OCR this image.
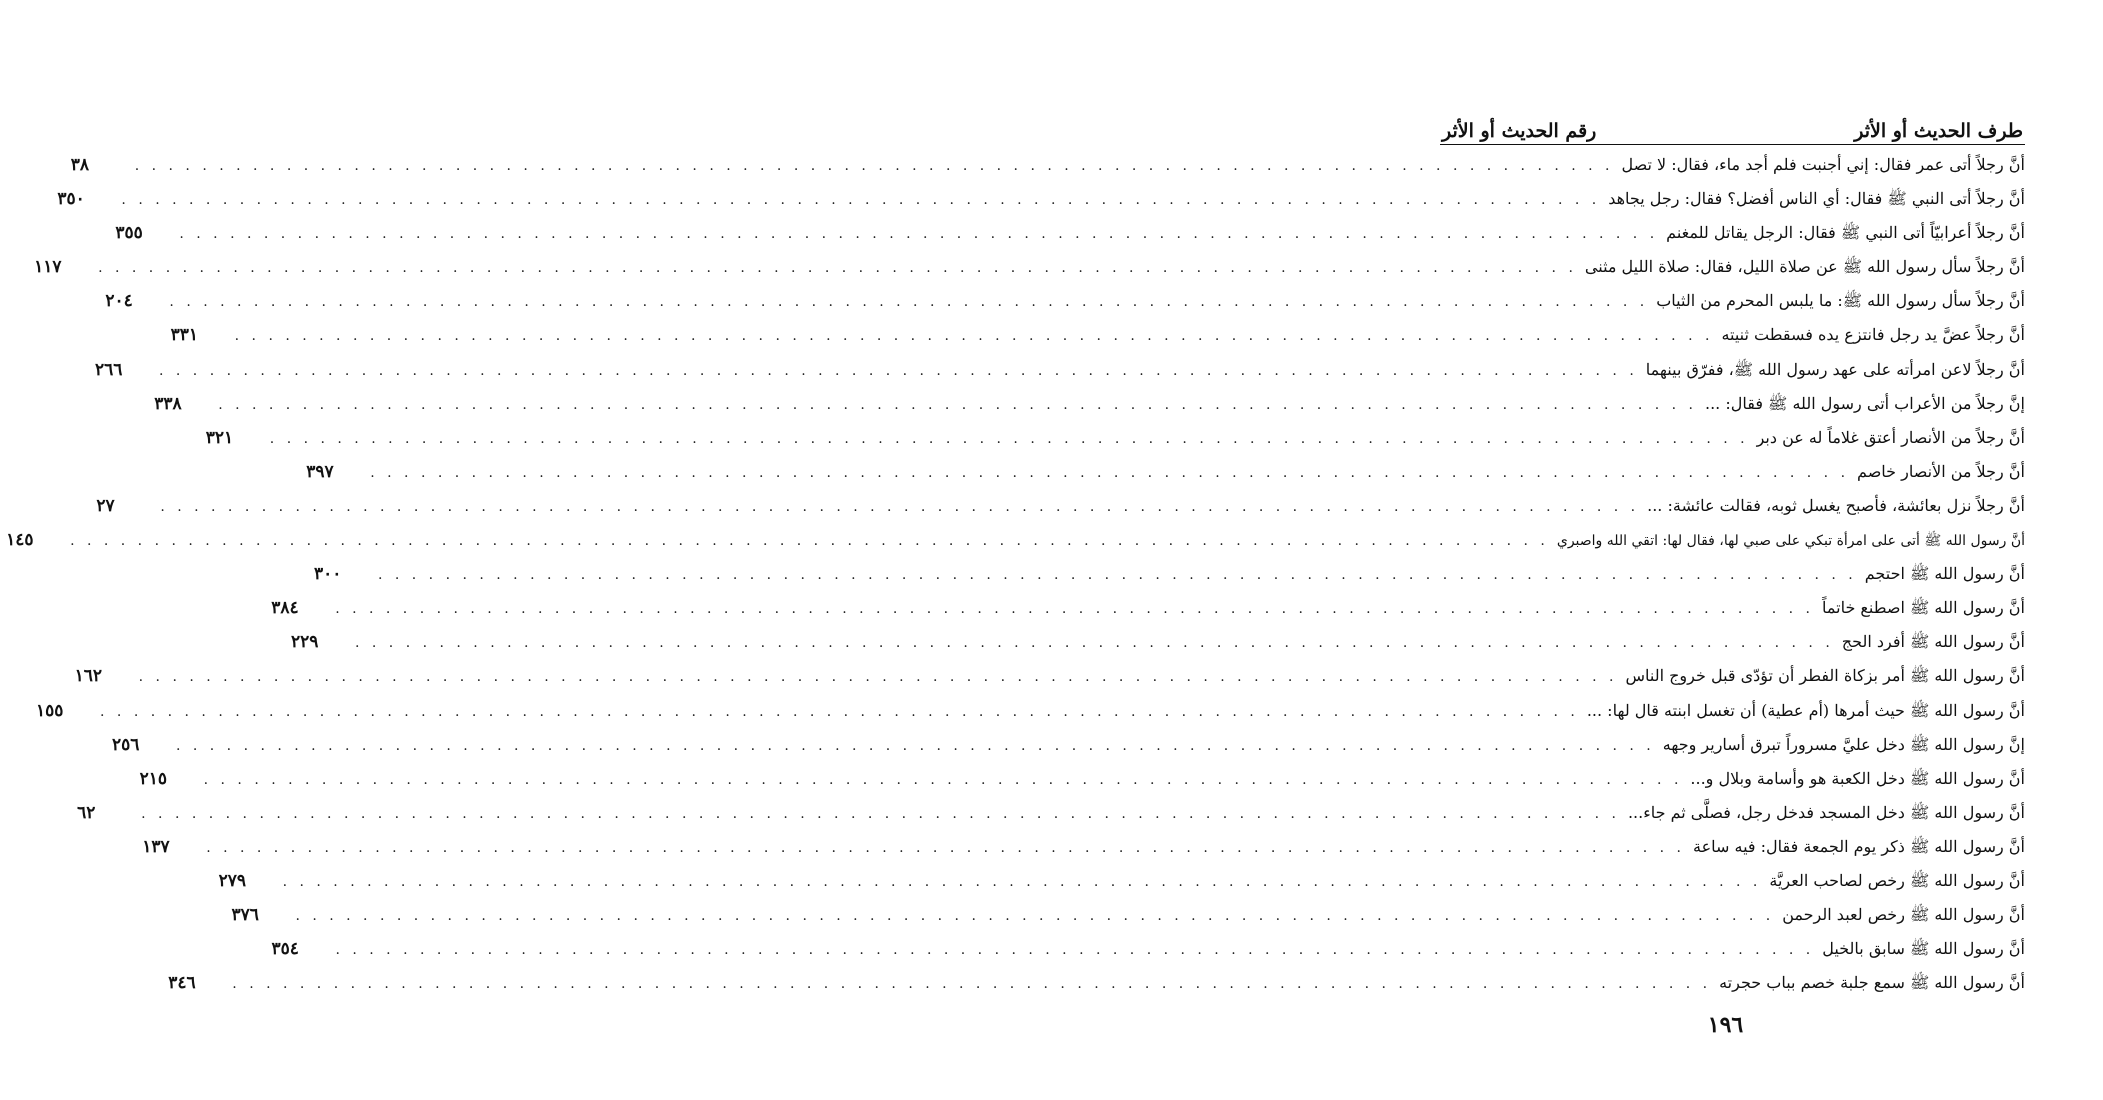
طرف الحديث أو الأثر
رقم الحديث أو الأثر
أنَّ رجلاً أتى عمر فقال: إني أجنبت فلم أجد ماء، فقال: لا تصل
. . . . . . . . . . . . . . . . . . . . . . . . . . . . . . . . . . . . . . . . . . . . . . . . . . . . . . . . . . . . . . . . . . . . . . . . . . . . . . . . . . . . . . . .
٣٨
أنَّ رجلاً أتى النبي ﷺ فقال: أي الناس أفضل؟ فقال: رجل يجاهد
. . . . . . . . . . . . . . . . . . . . . . . . . . . . . . . . . . . . . . . . . . . . . . . . . . . . . . . . . . . . . . . . . . . . . . . . . . . . . . . . . . . . . . . .
٣٥٠
أنَّ رجلاً أعرابيّاً أتى النبي ﷺ فقال: الرجل يقاتل للمغنم
. . . . . . . . . . . . . . . . . . . . . . . . . . . . . . . . . . . . . . . . . . . . . . . . . . . . . . . . . . . . . . . . . . . . . . . . . . . . . . . . . . . . . . . .
٣٥٥
أنَّ رجلاً سأل رسول الله ﷺ عن صلاة الليل، فقال: صلاة الليل مثنى
. . . . . . . . . . . . . . . . . . . . . . . . . . . . . . . . . . . . . . . . . . . . . . . . . . . . . . . . . . . . . . . . . . . . . . . . . . . . . . . . . . . . . . . .
١١٧
أنَّ رجلاً سأل رسول الله ﷺ: ما يلبس المحرم من الثياب
. . . . . . . . . . . . . . . . . . . . . . . . . . . . . . . . . . . . . . . . . . . . . . . . . . . . . . . . . . . . . . . . . . . . . . . . . . . . . . . . . . . . . . . .
٢٠٤
أنَّ رجلاً عضَّ يد رجل فانتزع يده فسقطت ثنيته
. . . . . . . . . . . . . . . . . . . . . . . . . . . . . . . . . . . . . . . . . . . . . . . . . . . . . . . . . . . . . . . . . . . . . . . . . . . . . . . . . . . . . . . .
٣٣١
أنَّ رجلاً لاعن امرأته على عهد رسول الله ﷺ، ففرّق بينهما
. . . . . . . . . . . . . . . . . . . . . . . . . . . . . . . . . . . . . . . . . . . . . . . . . . . . . . . . . . . . . . . . . . . . . . . . . . . . . . . . . . . . . . . .
٢٦٦
إنَّ رجلاً من الأعراب أتى رسول الله ﷺ فقال: ...
. . . . . . . . . . . . . . . . . . . . . . . . . . . . . . . . . . . . . . . . . . . . . . . . . . . . . . . . . . . . . . . . . . . . . . . . . . . . . . . . . . . . . . . .
٣٣٨
أنَّ رجلاً من الأنصار أعتق غلاماً له عن دبر
. . . . . . . . . . . . . . . . . . . . . . . . . . . . . . . . . . . . . . . . . . . . . . . . . . . . . . . . . . . . . . . . . . . . . . . . . . . . . . . . . . . . . . . .
٣٢١
أنَّ رجلاً من الأنصار خاصم
. . . . . . . . . . . . . . . . . . . . . . . . . . . . . . . . . . . . . . . . . . . . . . . . . . . . . . . . . . . . . . . . . . . . . . . . . . . . . . . . . . . . . . . .
٣٩٧
أنَّ رجلاً نزل بعائشة، فأصبح يغسل ثوبه، فقالت عائشة: ...
. . . . . . . . . . . . . . . . . . . . . . . . . . . . . . . . . . . . . . . . . . . . . . . . . . . . . . . . . . . . . . . . . . . . . . . . . . . . . . . . . . . . . . . .
٢٧
أنَّ رسول الله ﷺ أتى على امرأة تبكي على صبي لها، فقال لها: اتقي الله واصبري
. . . . . . . . . . . . . . . . . . . . . . . . . . . . . . . . . . . . . . . . . . . . . . . . . . . . . . . . . . . . . . . . . . . . . . . . . . . . . . . . . . . . . . . .
١٤٥
أنَّ رسول الله ﷺ احتجم
. . . . . . . . . . . . . . . . . . . . . . . . . . . . . . . . . . . . . . . . . . . . . . . . . . . . . . . . . . . . . . . . . . . . . . . . . . . . . . . . . . . . . . . .
٣٠٠
أنَّ رسول الله ﷺ اصطنع خاتماً
. . . . . . . . . . . . . . . . . . . . . . . . . . . . . . . . . . . . . . . . . . . . . . . . . . . . . . . . . . . . . . . . . . . . . . . . . . . . . . . . . . . . . . . .
٣٨٤
أنَّ رسول الله ﷺ أفرد الحج
. . . . . . . . . . . . . . . . . . . . . . . . . . . . . . . . . . . . . . . . . . . . . . . . . . . . . . . . . . . . . . . . . . . . . . . . . . . . . . . . . . . . . . . .
٢٢٩
أنَّ رسول الله ﷺ أمر بزكاة الفطر أن تؤدّى قبل خروج الناس
. . . . . . . . . . . . . . . . . . . . . . . . . . . . . . . . . . . . . . . . . . . . . . . . . . . . . . . . . . . . . . . . . . . . . . . . . . . . . . . . . . . . . . . .
١٦٢
أنَّ رسول الله ﷺ حيث أمرها (أم عطية) أن تغسل ابنته قال لها: ...
. . . . . . . . . . . . . . . . . . . . . . . . . . . . . . . . . . . . . . . . . . . . . . . . . . . . . . . . . . . . . . . . . . . . . . . . . . . . . . . . . . . . . . . .
١٥٥
إنَّ رسول الله ﷺ دخل عليَّ مسروراً تبرق أسارير وجهه
. . . . . . . . . . . . . . . . . . . . . . . . . . . . . . . . . . . . . . . . . . . . . . . . . . . . . . . . . . . . . . . . . . . . . . . . . . . . . . . . . . . . . . . .
٢٥٦
أنَّ رسول الله ﷺ دخل الكعبة هو وأسامة وبلال و...
. . . . . . . . . . . . . . . . . . . . . . . . . . . . . . . . . . . . . . . . . . . . . . . . . . . . . . . . . . . . . . . . . . . . . . . . . . . . . . . . . . . . . . . .
٢١٥
أنَّ رسول الله ﷺ دخل المسجد فدخل رجل، فصلَّى ثم جاء...
. . . . . . . . . . . . . . . . . . . . . . . . . . . . . . . . . . . . . . . . . . . . . . . . . . . . . . . . . . . . . . . . . . . . . . . . . . . . . . . . . . . . . . . .
٦٢
أنَّ رسول الله ﷺ ذكر يوم الجمعة فقال: فيه ساعة
. . . . . . . . . . . . . . . . . . . . . . . . . . . . . . . . . . . . . . . . . . . . . . . . . . . . . . . . . . . . . . . . . . . . . . . . . . . . . . . . . . . . . . . .
١٣٧
أنَّ رسول الله ﷺ رخص لصاحب العريَّة
. . . . . . . . . . . . . . . . . . . . . . . . . . . . . . . . . . . . . . . . . . . . . . . . . . . . . . . . . . . . . . . . . . . . . . . . . . . . . . . . . . . . . . . .
٢٧٩
أنَّ رسول الله ﷺ رخص لعبد الرحمن
. . . . . . . . . . . . . . . . . . . . . . . . . . . . . . . . . . . . . . . . . . . . . . . . . . . . . . . . . . . . . . . . . . . . . . . . . . . . . . . . . . . . . . . .
٣٧٦
أنَّ رسول الله ﷺ سابق بالخيل
. . . . . . . . . . . . . . . . . . . . . . . . . . . . . . . . . . . . . . . . . . . . . . . . . . . . . . . . . . . . . . . . . . . . . . . . . . . . . . . . . . . . . . . .
٣٥٤
أنَّ رسول الله ﷺ سمع جلبة خصم بباب حجرته
. . . . . . . . . . . . . . . . . . . . . . . . . . . . . . . . . . . . . . . . . . . . . . . . . . . . . . . . . . . . . . . . . . . . . . . . . . . . . . . . . . . . . . . .
٣٤٦
١٩٦
